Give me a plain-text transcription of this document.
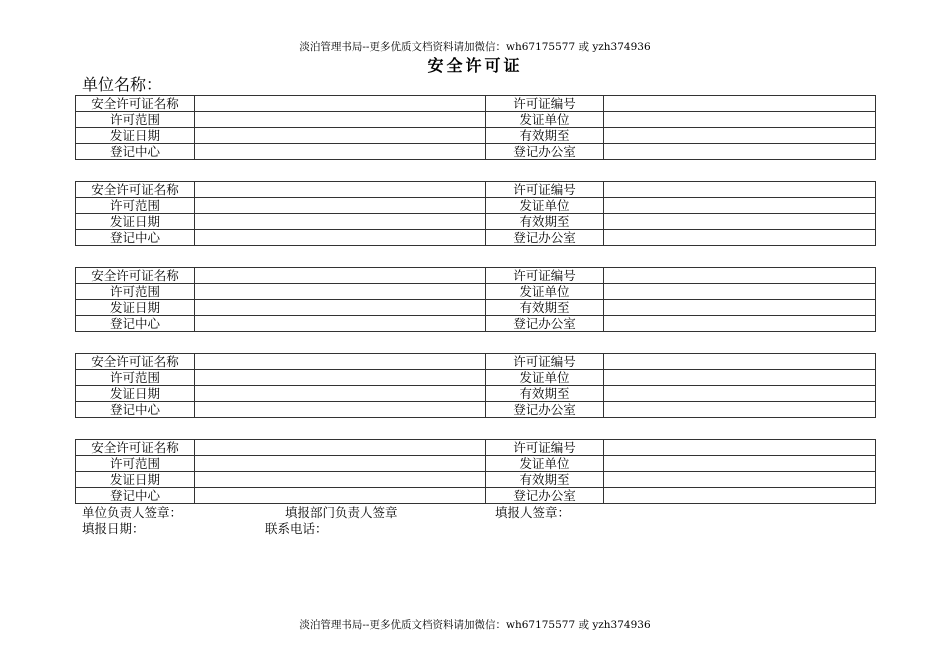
淡泊管理书局--更多优质文档资料请加微信：wh67175577 或 yzh374936
安全许可证
单位名称：
安全许可证名称		许可证编号	
许可范围		发证单位	
发证日期		有效期至	
登记中心		登记办公室	
安全许可证名称		许可证编号	
许可范围		发证单位	
发证日期		有效期至	
登记中心		登记办公室	
安全许可证名称		许可证编号	
许可范围		发证单位	
发证日期		有效期至	
登记中心		登记办公室	
安全许可证名称		许可证编号	
许可范围		发证单位	
发证日期		有效期至	
登记中心		登记办公室	
安全许可证名称		许可证编号	
许可范围		发证单位	
发证日期		有效期至	
登记中心		登记办公室	
单位负责人签章：	填报部门负责人签章	填报人签章：
填报日期：	联系电话：
淡泊管理书局--更多优质文档资料请加微信：wh67175577 或 yzh374936
